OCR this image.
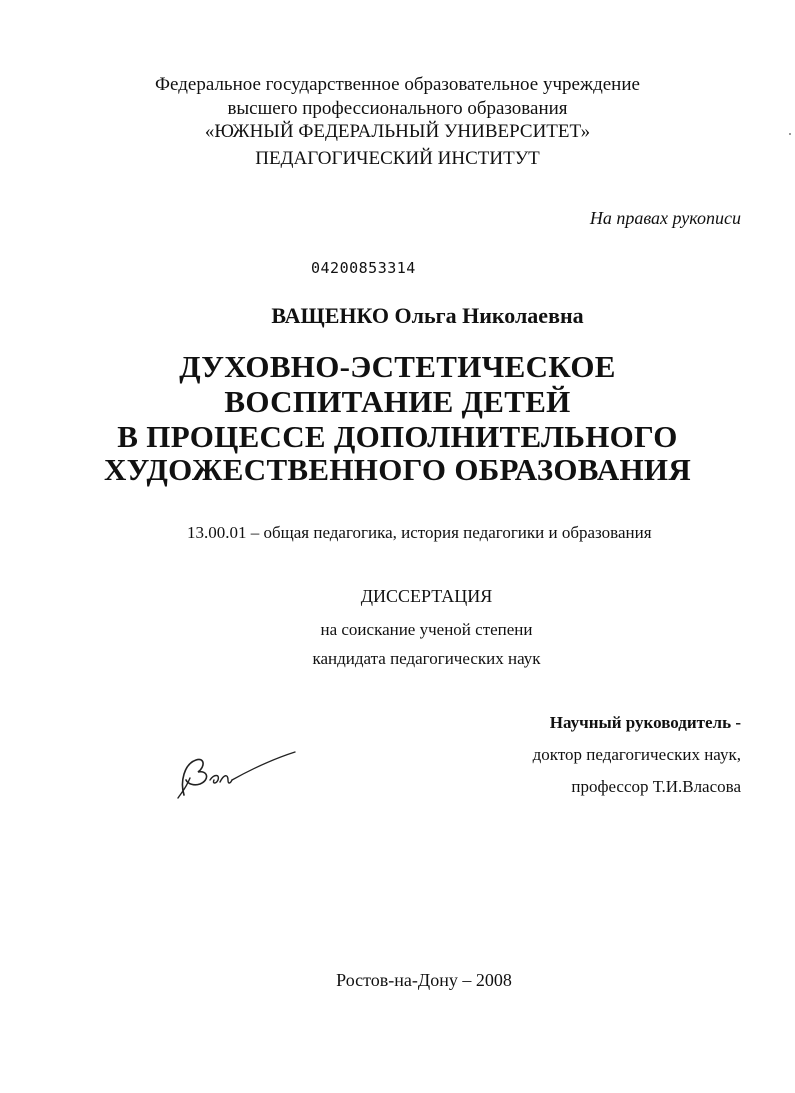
Федеральное государственное образовательное учреждение
высшего профессионального образования
«ЮЖНЫЙ ФЕДЕРАЛЬНЫЙ УНИВЕРСИТЕТ»
ПЕДАГОГИЧЕСКИЙ ИНСТИТУТ
На правах рукописи
04200853314
ВАЩЕНКО Ольга Николаевна
ДУХОВНО-ЭСТЕТИЧЕСКОЕ
ВОСПИТАНИЕ ДЕТЕЙ
В ПРОЦЕССЕ ДОПОЛНИТЕЛЬНОГО
ХУДОЖЕСТВЕННОГО ОБРАЗОВАНИЯ
13.00.01 – общая педагогика, история педагогики и образования
ДИССЕРТАЦИЯ
на соискание ученой степени
кандидата педагогических наук
Научный руководитель -
доктор педагогических наук,
профессор Т.И.Власова
Ростов-на-Дону – 2008
